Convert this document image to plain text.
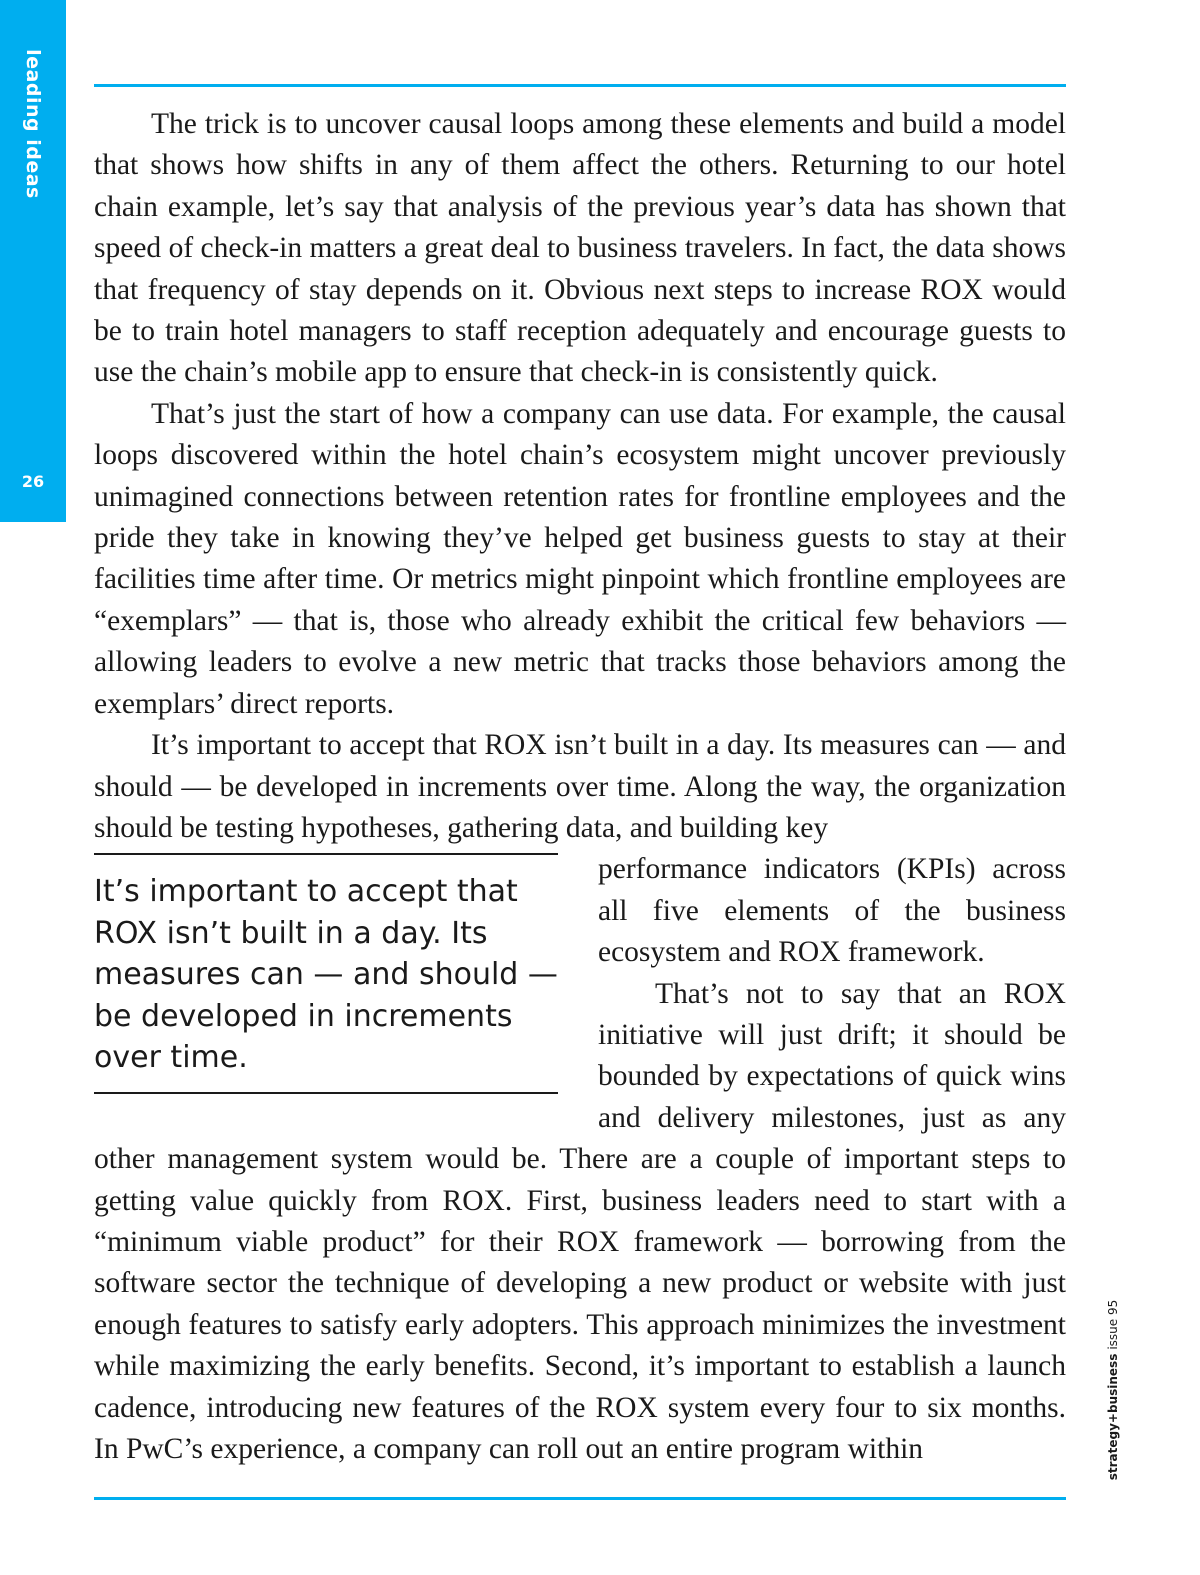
leading ideas
26

The trick is to uncover causal loops among these elements and build a model that shows how shifts in any of them affect the others. Returning to our hotel chain example, let’s say that analysis of the previous year’s data has shown that speed of check-in matters a great deal to business travelers. In fact, the data shows that frequency of stay depends on it. Obvious next steps to increase ROX would be to train hotel managers to staff reception adequately and encourage guests to use the chain’s mobile app to ensure that check-in is consistently quick.

That’s just the start of how a company can use data. For example, the causal loops discovered within the hotel chain’s ecosystem might uncover previously unimagined connections between retention rates for frontline employees and the pride they take in knowing they’ve helped get business guests to stay at their facilities time after time. Or metrics might pinpoint which frontline employees are “exemplars” — that is, those who already exhibit the critical few behaviors — allowing leaders to evolve a new metric that tracks those behaviors among the exemplars’ direct reports.

It’s important to accept that ROX isn’t built in a day. Its measures can — and should — be developed in increments over time. Along the way, the organization should be testing hypotheses, gathering data, and building key

It’s important to accept that ROX isn’t built in a day. Its measures can — and should — be developed in increments over time.

performance indicators (KPIs) across all five elements of the business ecosystem and ROX framework.

That’s not to say that an ROX initiative will just drift; it should be bounded by expectations of quick wins and delivery milestones, just as any other management system would be. There are a couple of important steps to getting value quickly from ROX. First, business leaders need to start with a “minimum viable product” for their ROX framework — borrowing from the software sector the technique of developing a new product or website with just enough features to satisfy early adopters. This approach minimizes the investment while maximizing the early benefits. Second, it’s important to establish a launch cadence, introducing new features of the ROX system every four to six months. In PwC’s experience, a company can roll out an entire program within	strategy+businessissue 95
